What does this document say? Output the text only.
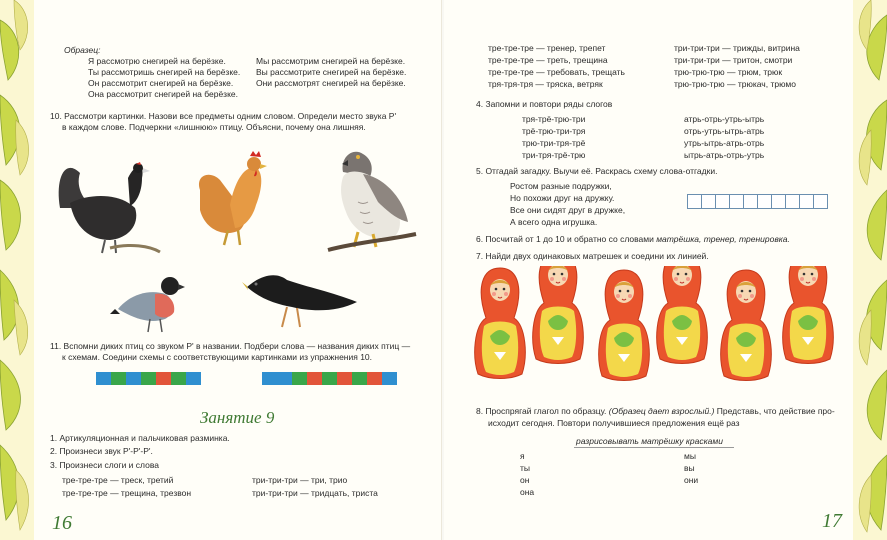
Образец:
Я рассмотрю снегирей на берёзке.
Ты рассмотришь снегирей на берёзке.
Он рассмотрит снегирей на берёзке.
Она рассмотрит снегирей на берёзке.
Мы рассмотрим снегирей на берёзке.
Вы рассмотрите снегирей на берёзке.
Они рассмотрят снегирей на берёзке.
10. Рассмотри картинки. Назови все предметы одним словом. Определи место звука Р'
в каждом слове. Подчеркни «лишнюю» птицу. Объясни, почему она лишняя.
11. Вспомни диких птиц со звуком Р' в названии. Подбери слова — названия диких птиц —
к схемам. Соедини схемы с соответствующими картинками из упражнения 10.
Занятие 9
1. Артикуляционная и пальчиковая разминка.
2. Произнеси звук Р'-Р'-Р'.
3. Произнеси слоги и слова
тре-тре-тре — треск, третий
тре-тре-тре — трещина, трезвон
три-три-три — три, трио
три-три-три — тридцать, триста
16
тре-тре-тре — тренер, трепет
тре-тре-тре — треть, трещина
тре-тре-тре — требовать, трещать
тря-тря-тря — тряска, ветряк
три-три-три — трижды, витрина
три-три-три — тритон, смотри
трю-трю-трю — трюм, трюк
трю-трю-трю — трюкач, трюмо
4. Запомни и повтори ряды слогов
тря-трё-трю-три
трё-трю-три-тря
трю-три-тря-трё
три-тря-трё-трю
атрь-отрь-утрь-ытрь
отрь-утрь-ытрь-атрь
утрь-ытрь-атрь-отрь
ытрь-атрь-отрь-утрь
5. Отгадай загадку. Выучи её. Раскрась схему слова-отгадки.
Ростом разные подружки,
Но похожи друг на дружку.
Все они сидят друг в дружке,
А всего одна игрушка.
6. Посчитай от 1 до 10 и обратно со словами матрёшка, тренер, тренировка.
7. Найди двух одинаковых матрешек и соедини их линией.
8. Проспрягай глагол по образцу. (Образец дает взрослый.) Представь, что действие про-
исходит сегодня. Повтори получившиеся предложения ещё раз
разрисовывать матрёшку красками
я
ты
он
она
мы
вы
они
17
